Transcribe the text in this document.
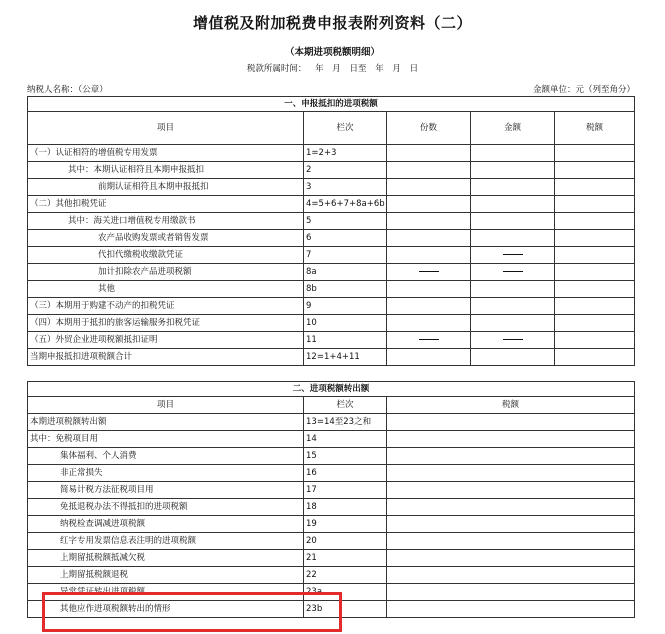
增值税及附加税费申报表附列资料（二）
（本期进项税额明细）
税款所属时间： 年 月 日至 年 月 日
纳税人名称：（公章）	金额单位：元（列至角分）
一、申报抵扣的进项税额				
项目	栏次	份数	金额	税额
（一）认证相符的增值税专用发票	1=2+3			
其中：本期认证相符且本期申报抵扣	2			
前期认证相符且本期申报抵扣	3			
（二）其他扣税凭证	4=5+6+7+8a+6b			
其中：海关进口增值税专用缴款书	5			
农产品收购发票或者销售发票	6			
代扣代缴税收缴款凭证	7			
加计扣除农产品进项税额	8a			
其他	8b			
（三）本期用于购建不动产的扣税凭证	9			
（四）本期用于抵扣的旅客运输服务扣税凭证	10			
（五）外贸企业进项税额抵扣证明	11			
当期申报抵扣进项税额合计	12=1+4+11			
二、进项税额转出额		
项目	栏次	税额
本期进项税额转出额	13=14至23之和	
其中：免税项目用	14	
集体福利、个人消费	15	
非正常损失	16	
简易计税方法征税项目用	17	
免抵退税办法不得抵扣的进项税额	18	
纳税检查调减进项税额	19	
红字专用发票信息表注明的进项税额	20	
上期留抵税额抵减欠税	21	
上期留抵税额退税	22	
异常凭证转出进项税额	23a	
其他应作进项税额转出的情形	23b	
